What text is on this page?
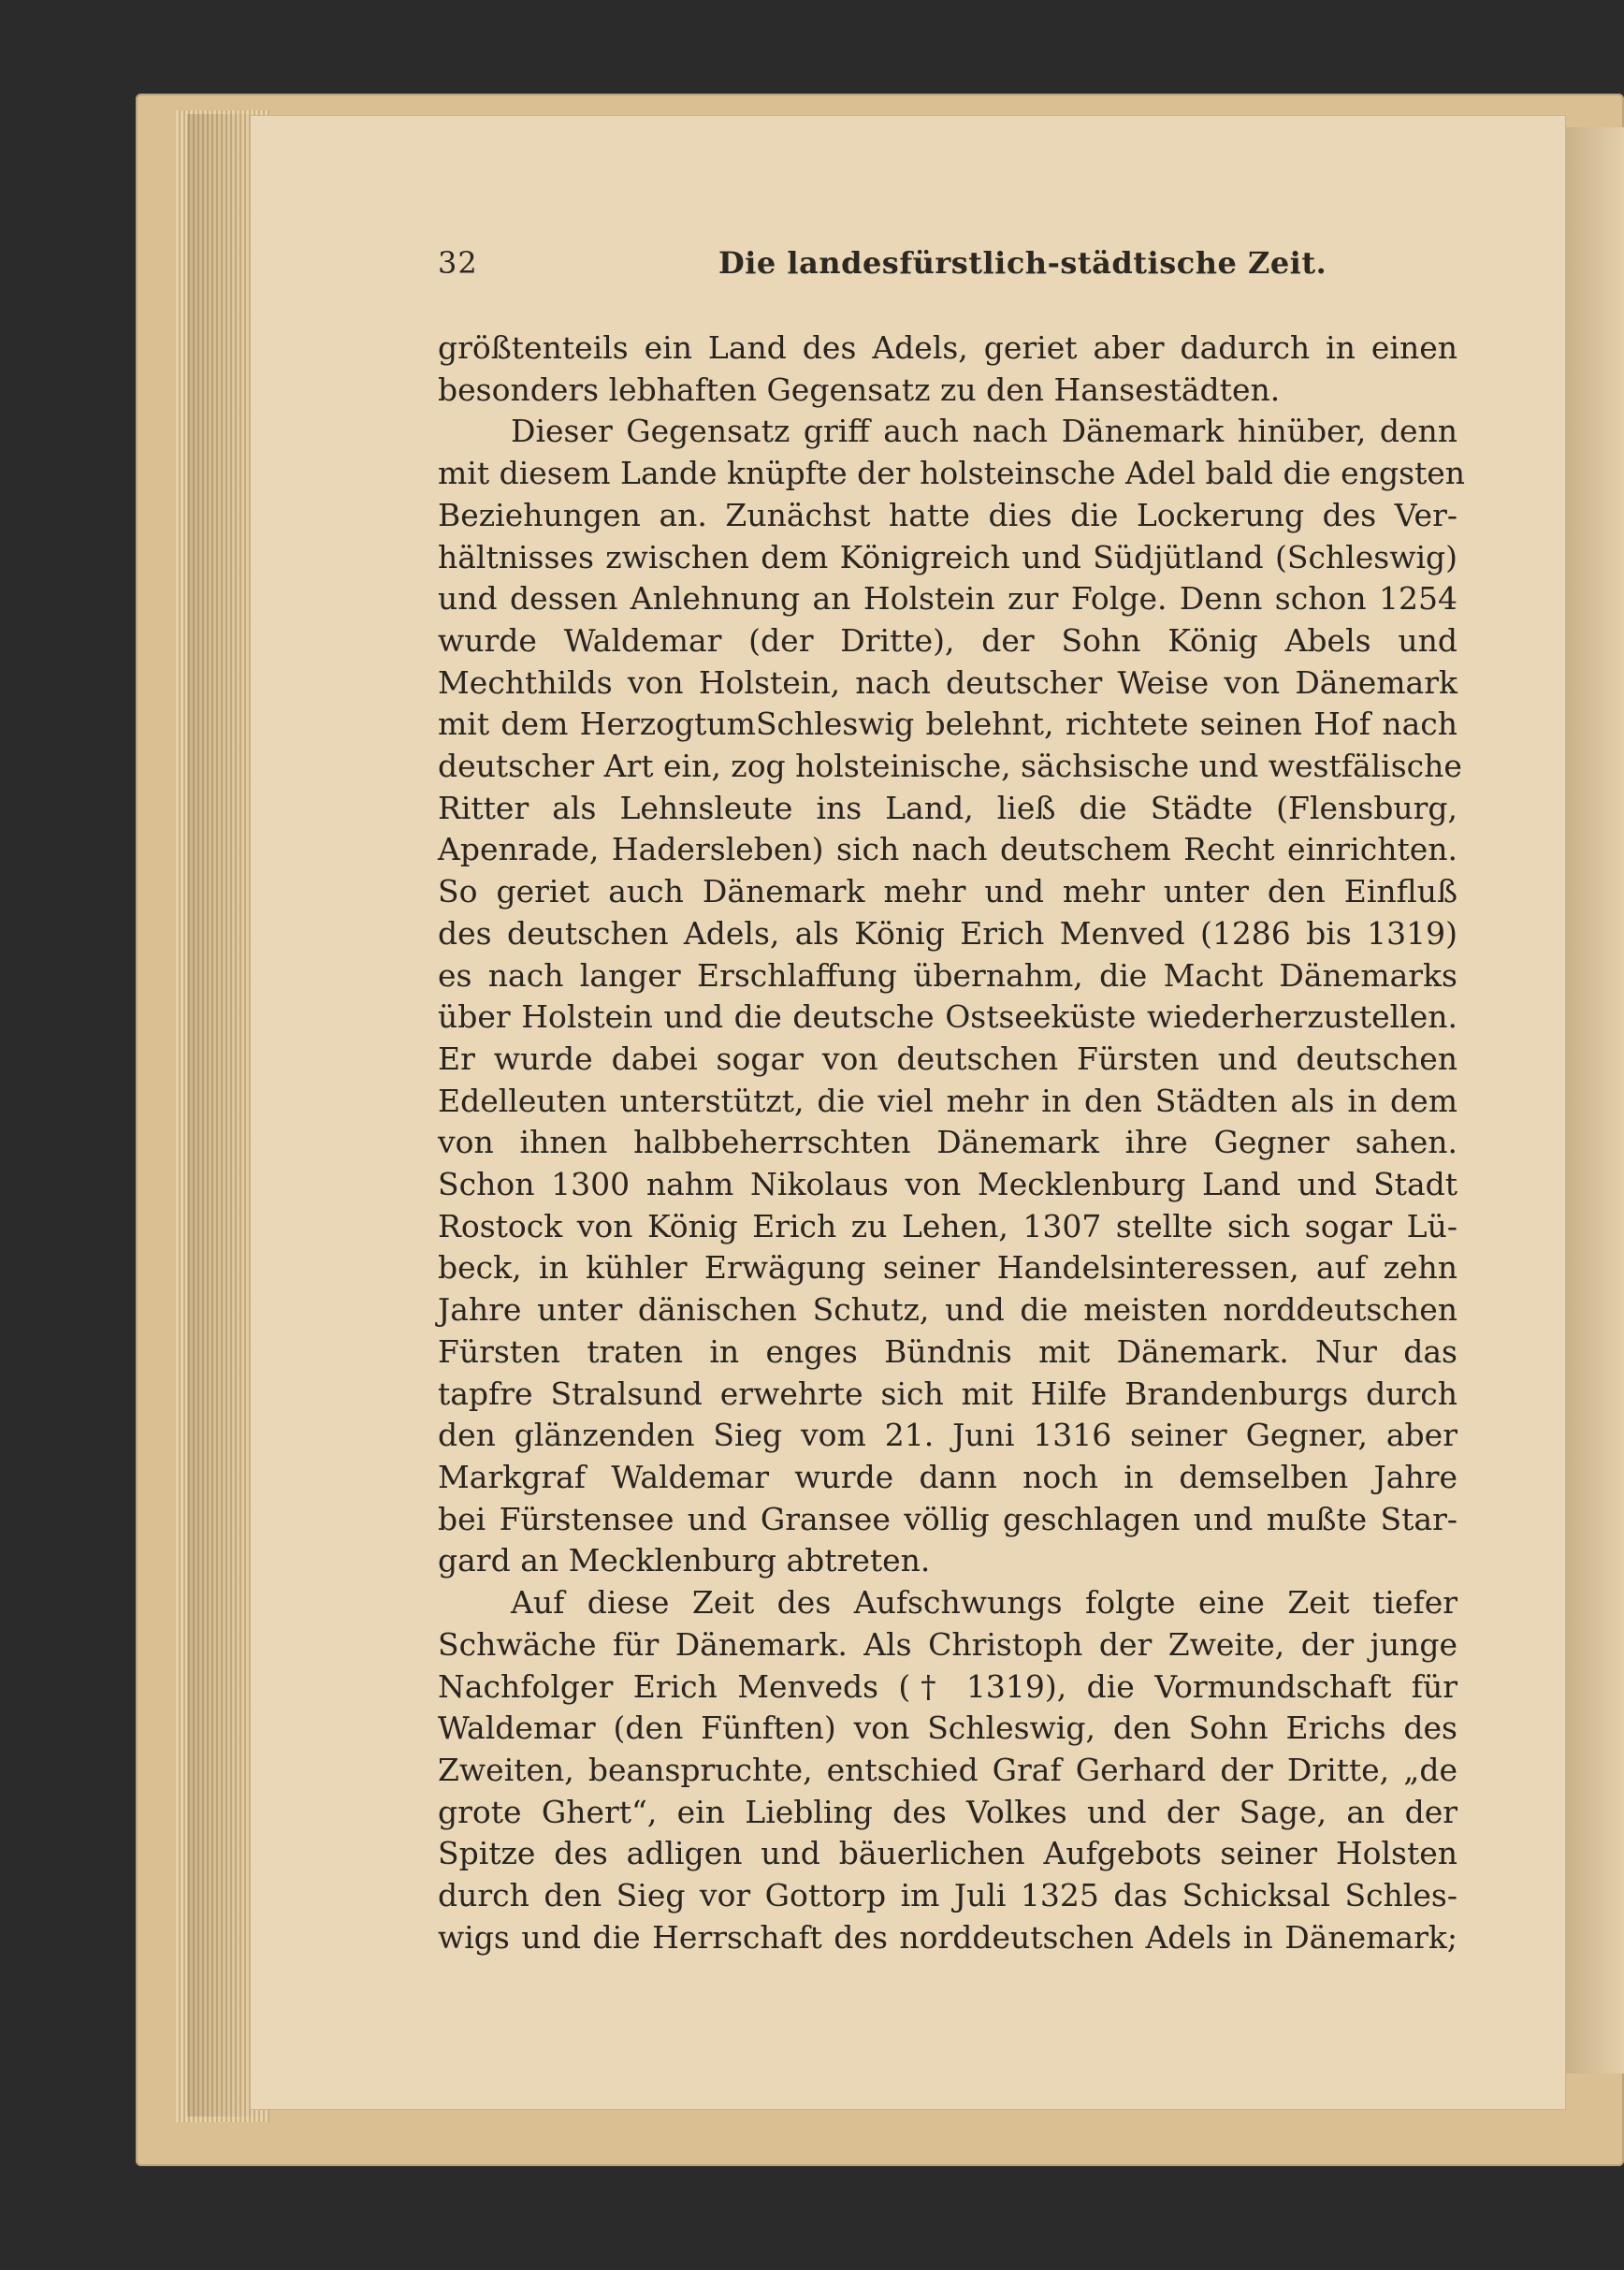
32	Die landesfürstlich-städtische Zeit.
größtenteils ein Land des Adels, geriet aber dadurch in einen
besonders lebhaften Gegensatz zu den Hansestädten.
Dieser Gegensatz griff auch nach Dänemark hinüber, denn
mit diesem Lande knüpfte der holsteinsche Adel bald die engsten
Beziehungen an. Zunächst hatte dies die Lockerung des Ver-
hältnisses zwischen dem Königreich und Südjütland (Schleswig)
und dessen Anlehnung an Holstein zur Folge. Denn schon 1254
wurde Waldemar (der Dritte), der Sohn König Abels und
Mechthilds von Holstein, nach deutscher Weise von Dänemark
mit dem HerzogtumSchleswig belehnt, richtete seinen Hof nach
deutscher Art ein, zog holsteinische, sächsische und westfälische
Ritter als Lehnsleute ins Land, ließ die Städte (Flensburg,
Apenrade, Hadersleben) sich nach deutschem Recht einrichten.
So geriet auch Dänemark mehr und mehr unter den Einfluß
des deutschen Adels, als König Erich Menved (1286 bis 1319)
es nach langer Erschlaffung übernahm, die Macht Dänemarks
über Holstein und die deutsche Ostseeküste wiederherzustellen.
Er wurde dabei sogar von deutschen Fürsten und deutschen
Edelleuten unterstützt, die viel mehr in den Städten als in dem
von ihnen halbbeherrschten Dänemark ihre Gegner sahen.
Schon 1300 nahm Nikolaus von Mecklenburg Land und Stadt
Rostock von König Erich zu Lehen, 1307 stellte sich sogar Lü-
beck, in kühler Erwägung seiner Handelsinteressen, auf zehn
Jahre unter dänischen Schutz, und die meisten norddeutschen
Fürsten traten in enges Bündnis mit Dänemark. Nur das
tapfre Stralsund erwehrte sich mit Hilfe Brandenburgs durch
den glänzenden Sieg vom 21. Juni 1316 seiner Gegner, aber
Markgraf Waldemar wurde dann noch in demselben Jahre
bei Fürstensee und Gransee völlig geschlagen und mußte Star-
gard an Mecklenburg abtreten.
Auf diese Zeit des Aufschwungs folgte eine Zeit tiefer
Schwäche für Dänemark. Als Christoph der Zweite, der junge
Nachfolger Erich Menveds († 1319), die Vormundschaft für
Waldemar (den Fünften) von Schleswig, den Sohn Erichs des
Zweiten, beanspruchte, entschied Graf Gerhard der Dritte, „de
grote Ghert“, ein Liebling des Volkes und der Sage, an der
Spitze des adligen und bäuerlichen Aufgebots seiner Holsten
durch den Sieg vor Gottorp im Juli 1325 das Schicksal Schles-
wigs und die Herrschaft des norddeutschen Adels in Dänemark;
